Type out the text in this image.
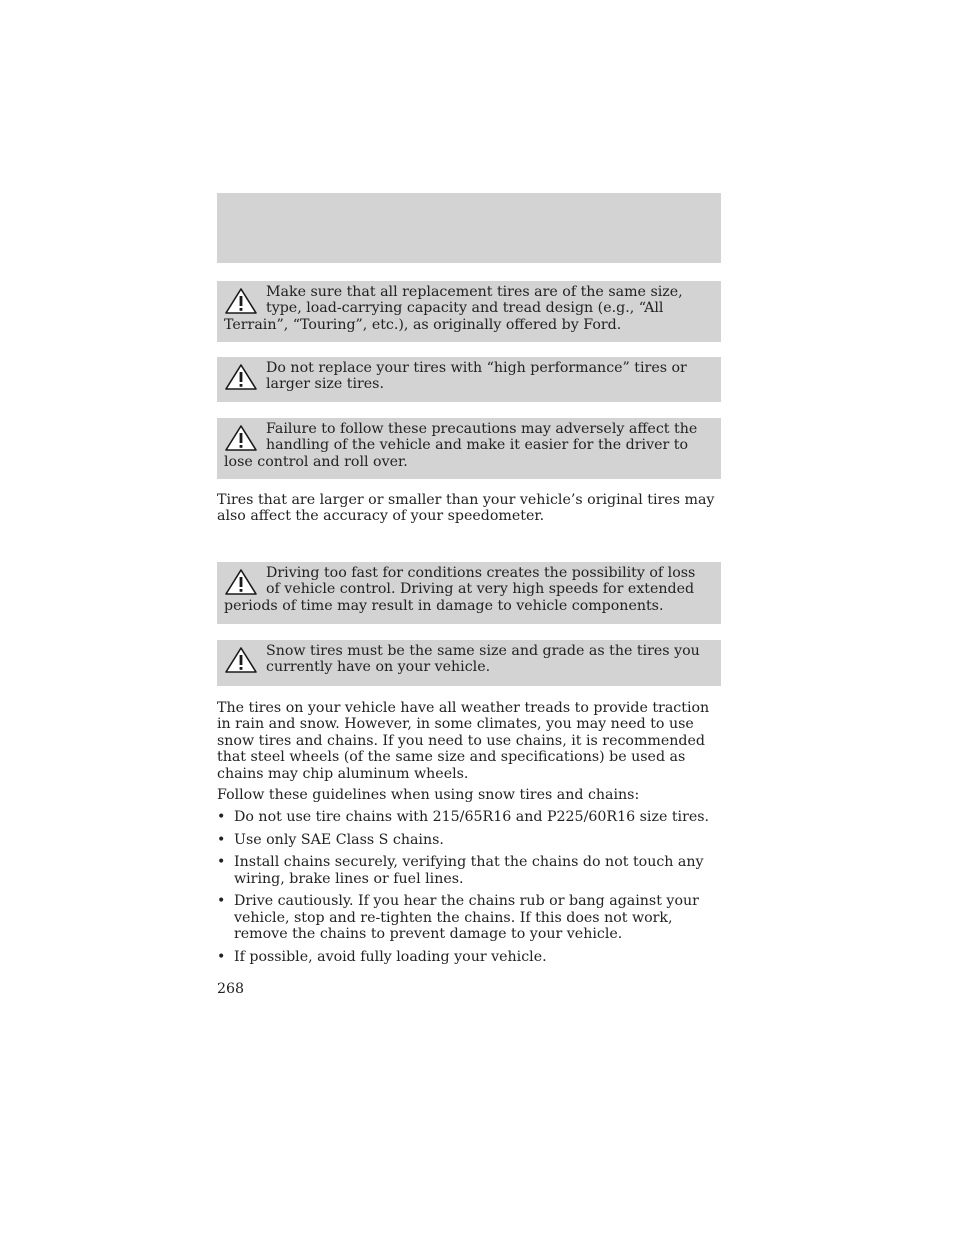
Make sure that all replacement tires are of the same size, type, load-carrying capacity and tread design (e.g., “All Terrain”, “Touring”, etc.), as originally offered by Ford.
Do not replace your tires with “high performance” tires or larger size tires.
Failure to follow these precautions may adversely affect the handling of the vehicle and make it easier for the driver to lose control and roll over.

Tires that are larger or smaller than your vehicle’s original tires may also affect the accuracy of your speedometer.

Driving too fast for conditions creates the possibility of loss of vehicle control. Driving at very high speeds for extended periods of time may result in damage to vehicle components.
Snow tires must be the same size and grade as the tires you currently have on your vehicle.

The tires on your vehicle have all weather treads to provide traction in rain and snow. However, in some climates, you may need to use snow tires and chains. If you need to use chains, it is recommended that steel wheels (of the same size and specifications) be used as chains may chip aluminum wheels.

Follow these guidelines when using snow tires and chains:

• Do not use tire chains with 215/65R16 and P225/60R16 size tires.
• Use only SAE Class S chains.
• Install chains securely, verifying that the chains do not touch any wiring, brake lines or fuel lines.
• Drive cautiously. If you hear the chains rub or bang against your vehicle, stop and re-tighten the chains. If this does not work, remove the chains to prevent damage to your vehicle.
• If possible, avoid fully loading your vehicle.
268
